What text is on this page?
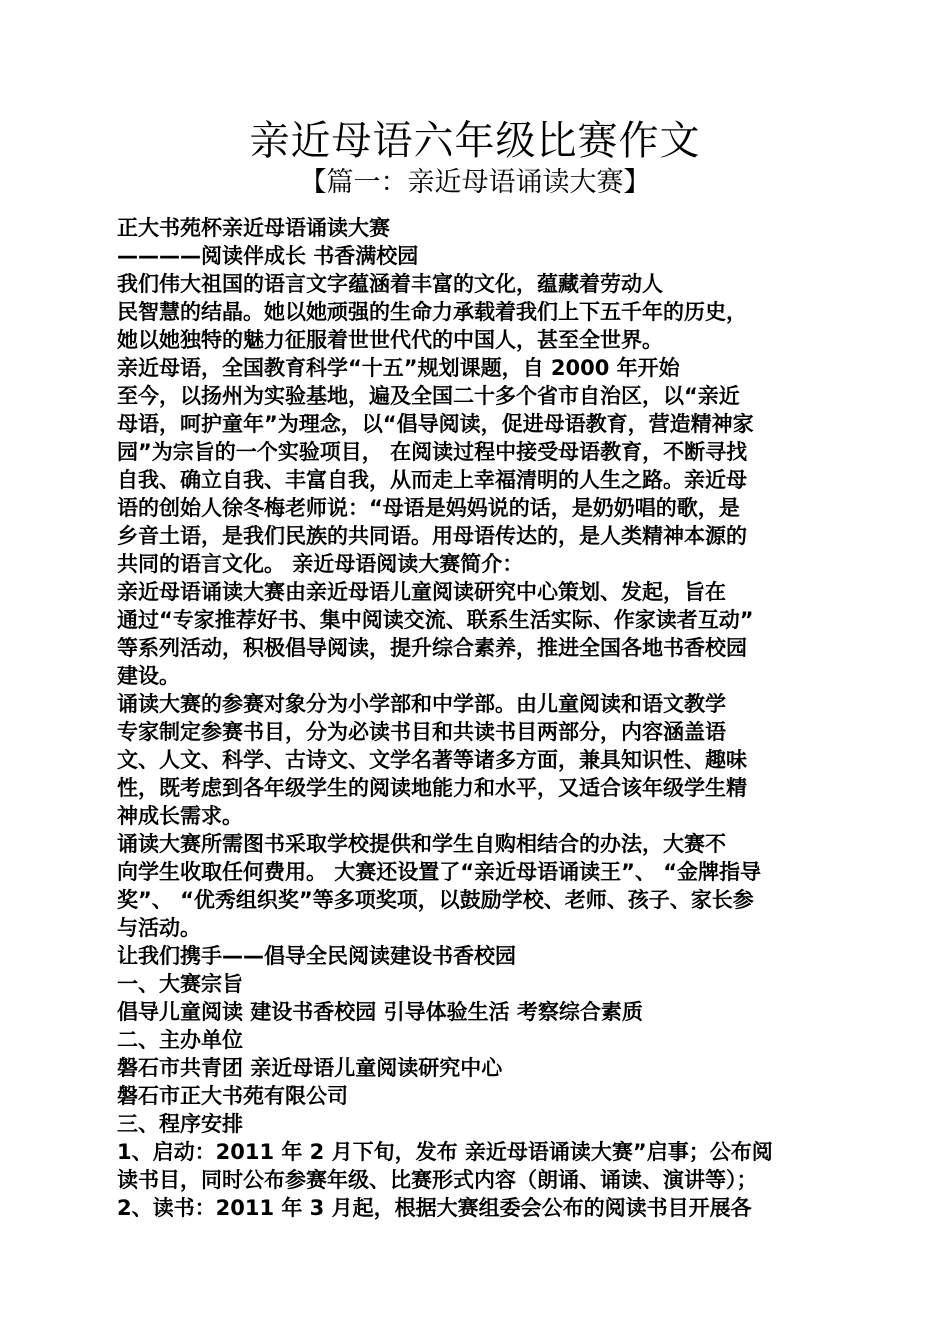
亲近母语六年级比赛作文
【篇一：亲近母语诵读大赛】
正大书苑杯亲近母语诵读大赛
————阅读伴成长 书香满校园
我们伟大祖国的语言文字蕴涵着丰富的文化，蕴藏着劳动人
民智慧的结晶。她以她顽强的生命力承载着我们上下五千年的历史，
她以她独特的魅力征服着世世代代的中国人，甚至全世界。
亲近母语，全国教育科学“十五”规划课题，自 2000 年开始
至今，以扬州为实验基地，遍及全国二十多个省市自治区，以“亲近
母语，呵护童年”为理念，以“倡导阅读，促进母语教育，营造精神家
园”为宗旨的一个实验项目， 在阅读过程中接受母语教育，不断寻找
自我、确立自我、丰富自我，从而走上幸福清明的人生之路。亲近母
语的创始人徐冬梅老师说：“母语是妈妈说的话，是奶奶唱的歌，是
乡音土语，是我们民族的共同语。用母语传达的，是人类精神本源的
共同的语言文化。 亲近母语阅读大赛简介：
亲近母语诵读大赛由亲近母语儿童阅读研究中心策划、发起，旨在
通过“专家推荐好书、集中阅读交流、联系生活实际、作家读者互动”
等系列活动，积极倡导阅读，提升综合素养，推进全国各地书香校园
建设。
诵读大赛的参赛对象分为小学部和中学部。由儿童阅读和语文教学
专家制定参赛书目，分为必读书目和共读书目两部分，内容涵盖语
文、人文、科学、古诗文、文学名著等诸多方面，兼具知识性、趣味
性，既考虑到各年级学生的阅读地能力和水平，又适合该年级学生精
神成长需求。
诵读大赛所需图书采取学校提供和学生自购相结合的办法，大赛不
向学生收取任何费用。 大赛还设置了“亲近母语诵读王”、 “金牌指导
奖”、 “优秀组织奖”等多项奖项，以鼓励学校、老师、孩子、家长参
与活动。
让我们携手——倡导全民阅读建设书香校园
一、大赛宗旨
倡导儿童阅读 建设书香校园 引导体验生活 考察综合素质
二、主办单位
磐石市共青团 亲近母语儿童阅读研究中心
磐石市正大书苑有限公司
三、程序安排
1、启动：2011 年 2 月下旬，发布 亲近母语诵读大赛”启事；公布阅
读书目，同时公布参赛年级、比赛形式内容（朗诵、诵读、演讲等）；
2、读书：2011 年 3 月起，根据大赛组委会公布的阅读书目开展各
